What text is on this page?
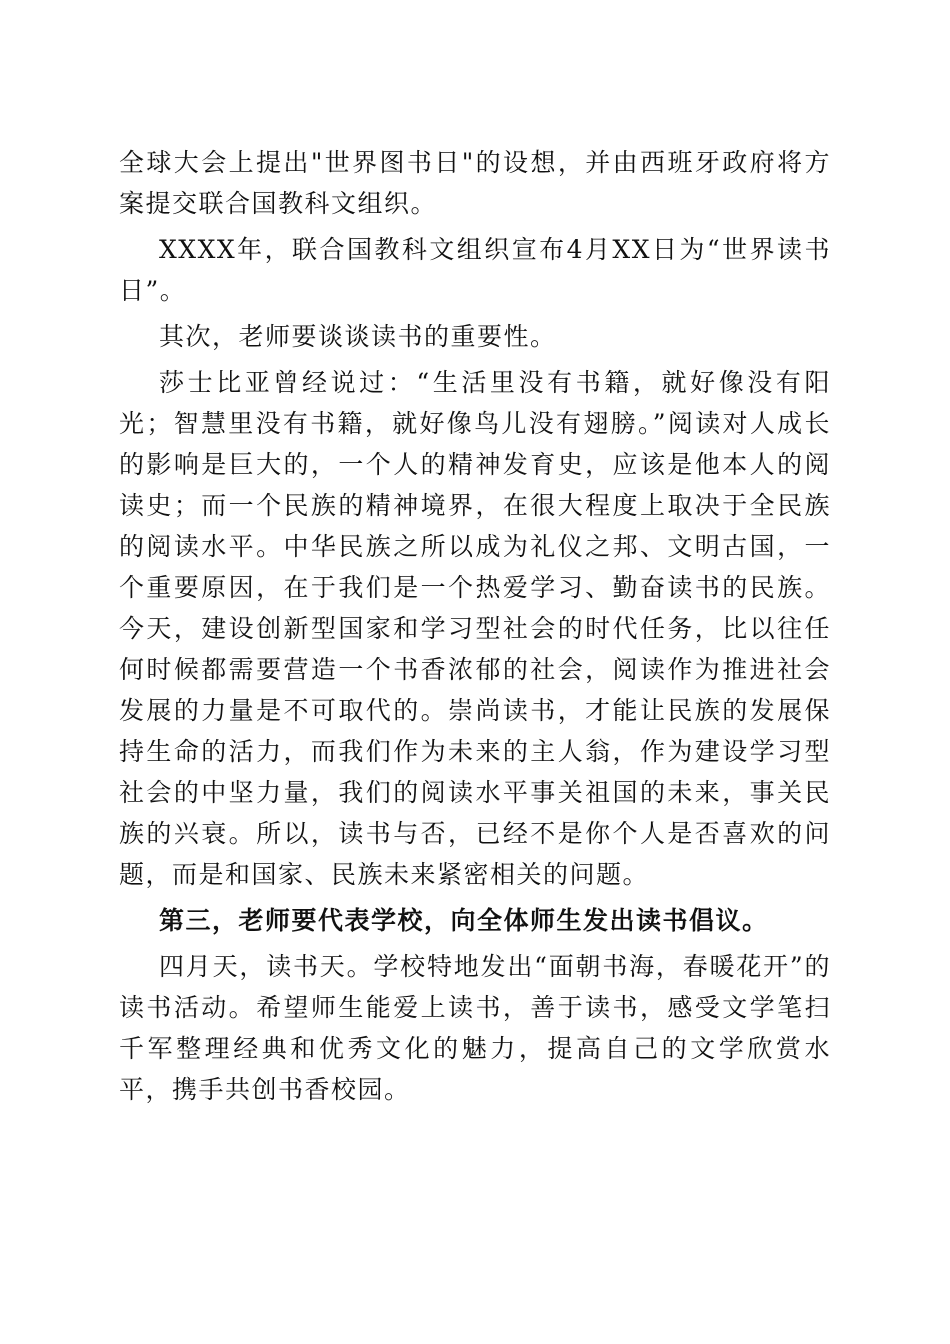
全球大会上提出"世界图书日"的设想，并由西班牙政府将方案提交联合国教科文组织。

XXXX年，联合国教科文组织宣布4月XX日为“世界读书日”。

其次，老师要谈谈读书的重要性。

莎士比亚曾经说过：“生活里没有书籍，就好像没有阳光；智慧里没有书籍，就好像鸟儿没有翅膀。”阅读对人成长的影响是巨大的，一个人的精神发育史，应该是他本人的阅读史；而一个民族的精神境界，在很大程度上取决于全民族的阅读水平。中华民族之所以成为礼仪之邦、文明古国，一个重要原因，在于我们是一个热爱学习、勤奋读书的民族。今天，建设创新型国家和学习型社会的时代任务，比以往任何时候都需要营造一个书香浓郁的社会，阅读作为推进社会发展的力量是不可取代的。崇尚读书，才能让民族的发展保持生命的活力，而我们作为未来的主人翁，作为建设学习型社会的中坚力量，我们的阅读水平事关祖国的未来，事关民族的兴衰。所以，读书与否，已经不是你个人是否喜欢的问题，而是和国家、民族未来紧密相关的问题。

第三，老师要代表学校，向全体师生发出读书倡议。

四月天，读书天。学校特地发出“面朝书海，春暖花开”的读书活动。希望师生能爱上读书，善于读书，感受文学笔扫千军整理经典和优秀文化的魅力，提高自己的文学欣赏水平，携手共创书香校园。
